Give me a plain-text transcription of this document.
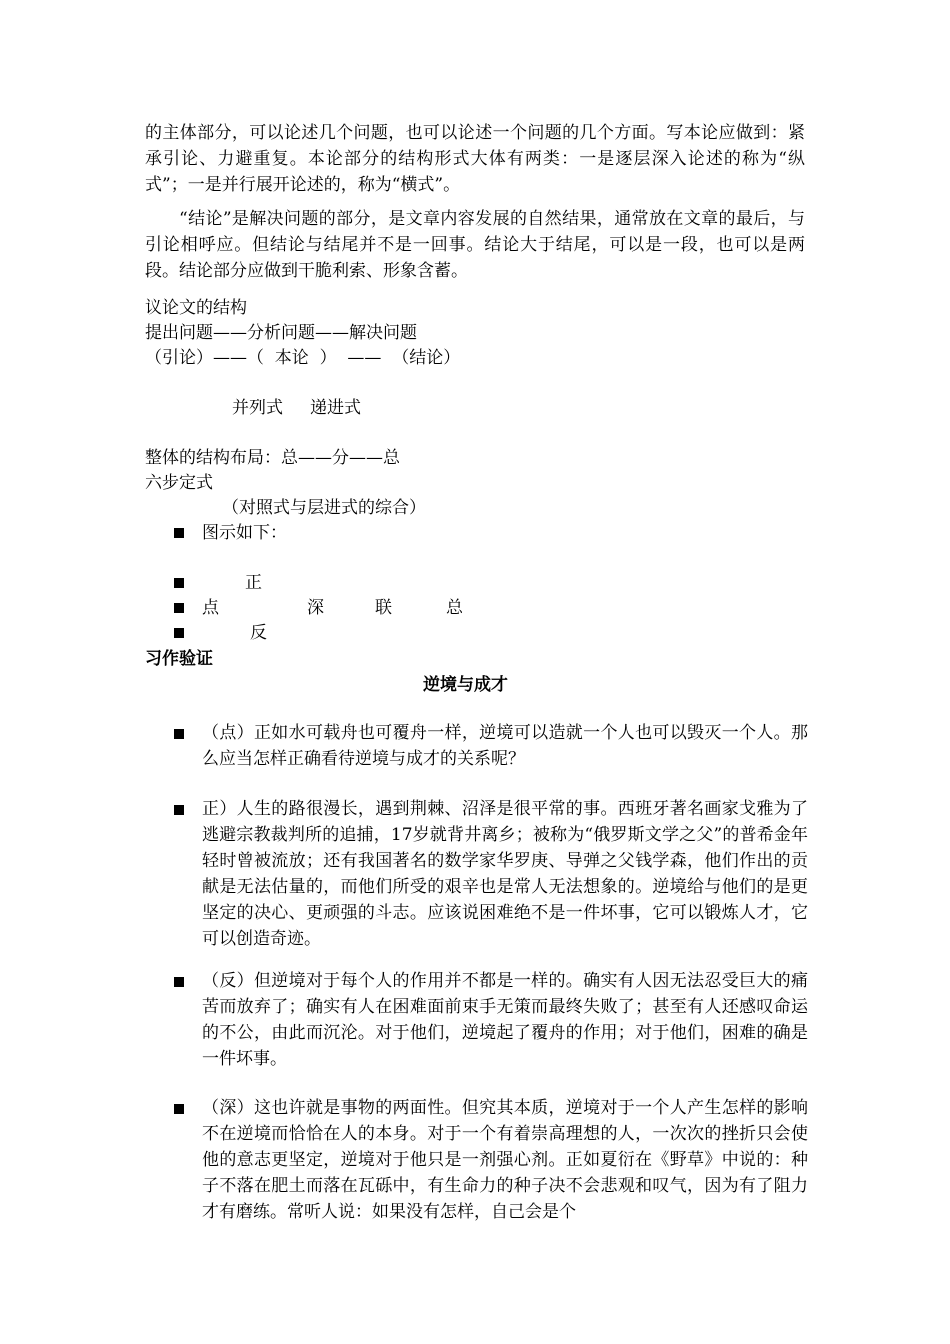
的主体部分，可以论述几个问题，也可以论述一个问题的几个方面。写本论应做到：紧承引论、力避重复。本论部分的结构形式大体有两类：一是逐层深入论述的称为“纵式”；一是并行展开论述的，称为“横式”。

“结论”是解决问题的部分，是文章内容发展的自然结果，通常放在文章的最后，与引论相呼应。但结论与结尾并不是一回事。结论大于结尾，可以是一段，也可以是两段。结论部分应做到干脆利索、形象含蓄。

议论文的结构
提出问题——分析问题——解决问题
（引论）——（  本论  ）  ——  （结论）
并列式     递进式
整体的结构布局：总——分——总
六步定式
（对照式与层进式的综合）
图示如下：
正
点	深	联	总
反
习作验证
逆境与成才

（点）正如水可载舟也可覆舟一样，逆境可以造就一个人也可以毁灭一个人。那么应当怎样正确看待逆境与成才的关系呢？

正）人生的路很漫长，遇到荆棘、沼泽是很平常的事。西班牙著名画家戈雅为了逃避宗教裁判所的追捕，17岁就背井离乡；被称为“俄罗斯文学之父”的普希金年轻时曾被流放；还有我国著名的数学家华罗庚、导弹之父钱学森，他们作出的贡献是无法估量的，而他们所受的艰辛也是常人无法想象的。逆境给与他们的是更坚定的决心、更顽强的斗志。应该说困难绝不是一件坏事，它可以锻炼人才，它可以创造奇迹。

（反）但逆境对于每个人的作用并不都是一样的。确实有人因无法忍受巨大的痛苦而放弃了；确实有人在困难面前束手无策而最终失败了；甚至有人还感叹命运的不公，由此而沉沦。对于他们，逆境起了覆舟的作用；对于他们，困难的确是一件坏事。

（深）这也许就是事物的两面性。但究其本质，逆境对于一个人产生怎样的影响不在逆境而恰恰在人的本身。对于一个有着崇高理想的人，一次次的挫折只会使他的意志更坚定，逆境对于他只是一剂强心剂。正如夏衍在《野草》中说的：种子不落在肥土而落在瓦砾中，有生命力的种子决不会悲观和叹气，因为有了阻力才有磨练。常听人说：如果没有怎样，自己会是个
